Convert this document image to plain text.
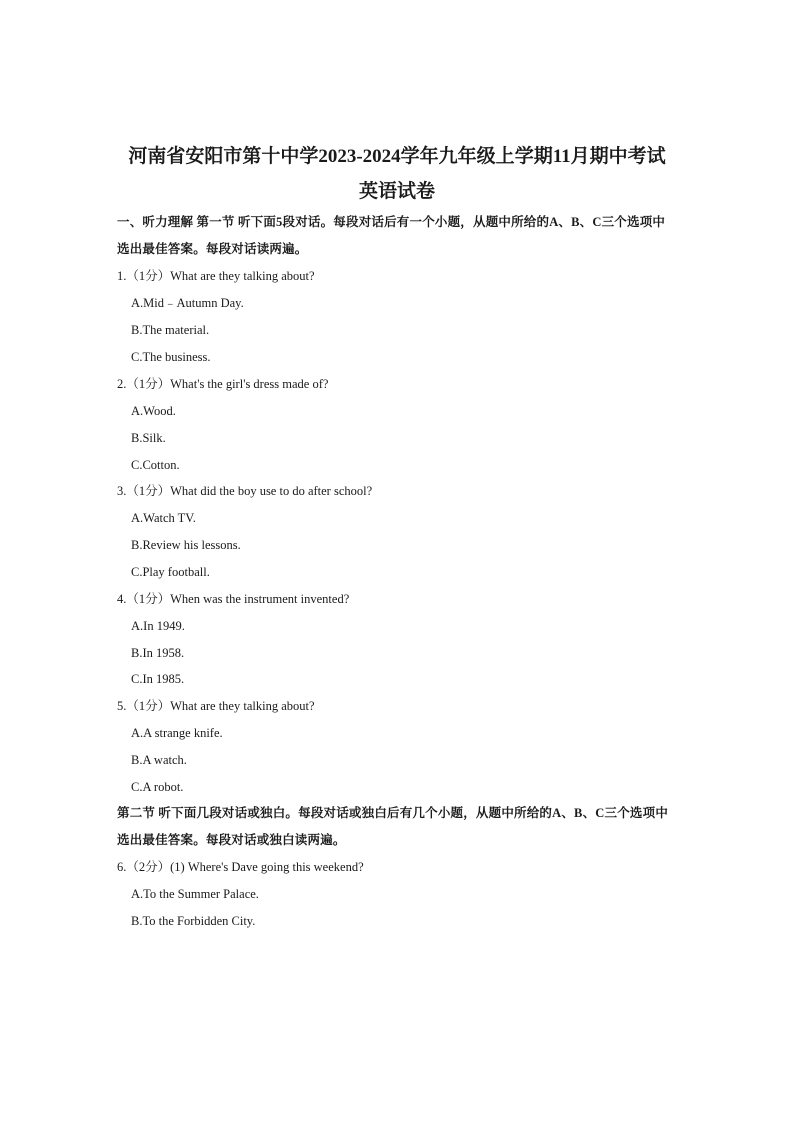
河南省安阳市第十中学2023-2024学年九年级上学期11月期中考试
英语试卷
一、听力理解 第一节 听下面5段对话。每段对话后有一个小题，从题中所给的A、B、C三个选项中选出最佳答案。每段对话读两遍。
1.（1分）What are they talking about?
A.Mid﹣Autumn Day.
B.The material.
C.The business.
2.（1分）What's the girl's dress made of?
A.Wood.
B.Silk.
C.Cotton.
3.（1分）What did the boy use to do after school?
A.Watch TV.
B.Review his lessons.
C.Play football.
4.（1分）When was the instrument invented?
A.In 1949.
B.In 1958.
C.In 1985.
5.（1分）What are they talking about?
A.A strange knife.
B.A watch.
C.A robot.
第二节 听下面几段对话或独白。每段对话或独白后有几个小题，从题中所给的A、B、C三个选项中选出最佳答案。每段对话或独白读两遍。
6.（2分）(1) Where's Dave going this weekend?
A.To the Summer Palace.
B.To the Forbidden City.
